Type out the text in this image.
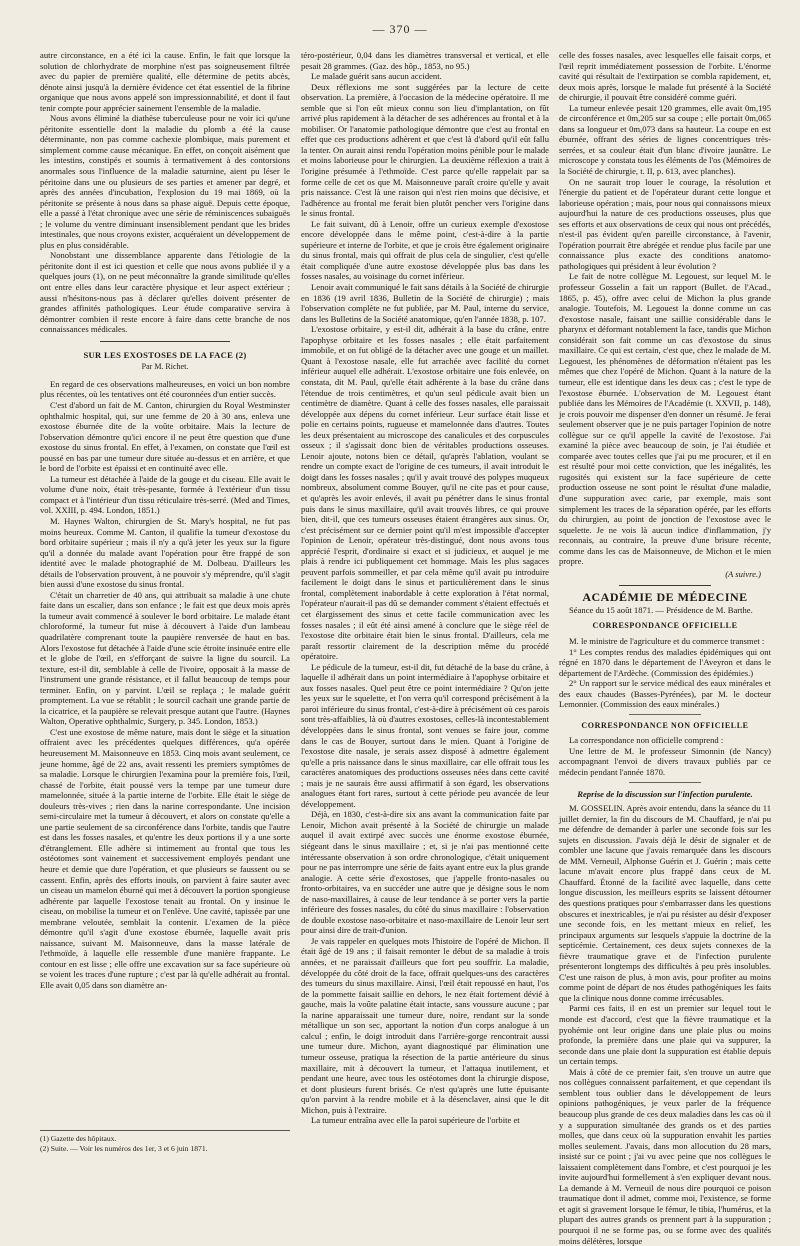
— 370 —

autre circonstance, en a été ici la cause. Enfin, le fait que lorsque la solution de chlorhydrate de morphine n'est pas soigneusement filtrée avec du papier de première qualité, elle détermine de petits abcès, dénote ainsi jusqu'à la dernière évidence cet état essentiel de la fibrine organique que nous avons appelé son impressionnabilité, et dont il faut tenir compte pour apprécier sainement l'ensemble de la maladie.

Nous avons éliminé la diathèse tuberculeuse pour ne voir ici qu'une péritonite essentielle dont la maladie du plomb a été la cause déterminante, non pas comme cachexie plombique, mais purement et simplement comme cause mécanique. En effet, on conçoit aisément que les intestins, constipés et soumis à termativement à des contorsions anormales sous l'influence de la maladie saturnine, aient pu léser le péritoine dans une ou plusieurs de ses parties et amener par degré, et après des années d'incubation, l'explosion du 19 mai 1869, où la péritonite se présente à nous dans sa phase aiguë. Depuis cette époque, elle a passé à l'état chronique avec une série de réminiscences subaiguës ; le volume du ventre diminuant insensiblement pendant que les brides intestinales, que nous croyons exister, acquéraient un développement de plus en plus considérable.

Nonobstant une dissemblance apparente dans l'étiologie de la péritonite dont il est ici question et celle que nous avons publiée il y a quelques jours (1), on ne peut méconnaître la grande similitude qu'elles ont entre elles dans leur caractère physique et leur aspect extérieur ; aussi n'hésitons-nous pas à déclarer qu'elles doivent présenter de grandes affinités pathologiques. Leur étude comparative servira à démontrer combien il reste encore à faire dans cette branche de nos connaissances médicales.

SUR LES EXOSTOSES DE LA FACE (2)
Par M. Richet.

En regard de ces observations malheureuses, en voici un bon nombre plus récentes, où les tentatives ont été couronnées d'un entier succès.

C'est d'abord un fait de M. Canton, chirurgien du Royal Westminster ophthalmic hospital, qui, sur une femme de 20 à 30 ans, enleva une exostose éburnée dite de la voûte orbitaire. Mais la lecture de l'observation démontre qu'ici encore il ne peut être question que d'une exostose du sinus frontal. En effet, à l'examen, on constate que l'œil est poussé en bas par une tumeur dure située au-dessus et en arrière, et que le bord de l'orbite est épaissi et en continuité avec elle.

La tumeur est détachée à l'aide de la gouge et du ciseau. Elle avait le volume d'une noix, était très-pesante, formée à l'extérieur d'un tissu compact et à l'intérieur d'un tissu réticulaire très-serré. (Med and Times, vol. XXIII, p. 494. London, 1851.)

M. Haynes Walton, chirurgien de St. Mary's hospital, ne fut pas moins heureux. Comme M. Canton, il qualifie la tumeur d'exostose du bord orbitaire supérieur ; mais il n'y a qu'à jeter les yeux sur la figure qu'il a donnée du malade avant l'opération pour être frappé de son identité avec le malade photographié de M. Dolbeau. D'ailleurs les détails de l'observation prouvent, à ne pouvoir s'y méprendre, qu'il s'agit bien aussi d'une exostose du sinus frontal.

C'était un charretier de 40 ans, qui attribuait sa maladie à une chute faite dans un escalier, dans son enfance ; le fait est que deux mois après la tumeur avait commencé à soulever le bord orbitaire. Le malade étant chloroformé, la tumeur fut mise à découvert à l'aide d'un lambeau quadrilatère comprenant toute la paupière renversée de haut en bas. Alors l'exostose fut détachée à l'aide d'une scie étroite insinuée entre elle et le globe de l'œil, en s'efforçant de suivre la ligne du sourcil. La texture, est-il dit, semblable à celle de l'ivoire, opposait à la masse de l'instrument une grande résistance, et il fallut beaucoup de temps pour terminer. Enfin, on y parvint. L'œil se replaça ; le malade guérit promptement. La vue se rétablit ; le sourcil cachait une grande partie de la cicatrice, et la paupière se relevait presque autant que l'autre. (Haynes Walton, Operative ophthalmic, Surgery, p. 345. London, 1853.)

C'est une exostose de même nature, mais dont le siège et la situation offraient avec les précédentes quelques différences, qu'a opérée heureusement M. Maisonneuve en 1853. Cinq mois avant seulement, ce jeune homme, âgé de 22 ans, avait ressenti les premiers symptômes de sa maladie. Lorsque le chirurgien l'examina pour la première fois, l'œil, chassé de l'orbite, était poussé vers la tempe par une tumeur dure mamelonnée, située à la partie interne de l'orbite. Elle était le siège de douleurs très-vives ; rien dans la narine correspondante. Une incision semi-circulaire met la tumeur à découvert, et alors on constate qu'elle a une partie seulement de sa circonférence dans l'orbite, tandis que l'autre est dans les fosses nasales, et qu'entre les deux portions il y a une sorte d'étranglement. Elle adhère si intimement au frontal que tous les ostéotomes sont vainement et successivement employés pendant une heure et demie que dure l'opération, et que plusieurs se faussent ou se cassent. Enfin, après des efforts inouïs, on parvient à faire sauter avec un ciseau un mamelon éburné qui met à découvert la portion spongieuse adhérente par laquelle l'exostose tenait au frontal. On y insinue le ciseau, on mobilise la tumeur et on l'enlève. Une cavité, tapissée par une membrane veloutée, semblait la contenir. L'examen de la pièce démontre qu'il s'agit d'une exostose éburnée, laquelle avait pris naissance, suivant M. Maisonneuve, dans la masse latérale de l'ethmoïde, à laquelle elle ressemble d'une manière frappante. Le contour en est lisse ; elle offre une excavation sur sa face supérieure où se voient les traces d'une rupture ; c'est par là qu'elle adhérait au frontal. Elle avait 0,05 dans son diamètre an-

téro-postérieur, 0,04 dans les diamètres transversal et vertical, et elle pesait 28 grammes. (Gaz. des hôp., 1853, no 95.)

Le malade guérit sans aucun accident.

Deux réflexions me sont suggérées par la lecture de cette observation. La première, à l'occasion de la médecine opératoire. Il me semble que si l'on eût mieux connu son lieu d'implantation, on fût arrivé plus rapidement à la détacher de ses adhérences au frontal et à la mobiliser. Or l'anatomie pathologique démontre que c'est au frontal en effet que ces productions adhèrent et que c'est là d'abord qu'il eût fallu la tenter. On aurait ainsi rendu l'opération moins pénible pour le malade et moins laborieuse pour le chirurgien. La deuxième réflexion a trait à l'origine présumée à l'ethmoïde. C'est parce qu'elle rappelait par sa forme celle de cet os que M. Maisonneuve paraît croire qu'elle y avait pris naissance. C'est là une raison qui n'est rien moins que décisive, et l'adhérence au frontal me ferait bien plutôt pencher vers l'origine dans le sinus frontal.

Le fait suivant, dû à Lenoir, offre un curieux exemple d'exostose encore développée dans le même point, c'est-à-dire à la partie supérieure et interne de l'orbite, et que je crois être également originaire du sinus frontal, mais qui offrait de plus cela de singulier, c'est qu'elle était compliquée d'une autre exostose développée plus bas dans les fosses nasales, au voisinage du cornet inférieur.

Lenoir avait communiqué le fait sans détails à la Société de chirurgie en 1836 (19 avril 1836, Bulletin de la Société de chirurgie) ; mais l'observation complète ne fut publiée, par M. Paul, interne du service, dans les Bulletins de la Société anatomique, qu'en l'année 1838, p. 107.

L'exostose orbitaire, y est-il dit, adhérait à la base du crâne, entre l'apophyse orbitaire et les fosses nasales ; elle était parfaitement immobile, et on fut obligé de la détacher avec une gouge et un maillet. Quant à l'exostose nasale, elle fut arrachée avec facilité du cornet inférieur auquel elle adhérait. L'exostose orbitaire une fois enlevée, on constata, dit M. Paul, qu'elle était adhérente à la base du crâne dans l'étendue de trois centimètres, et qu'un seul pédicule avait bien un centimètre de diamètre. Quant à celle des fosses nasales, elle paraissait développée aux dépens du cornet inférieur. Leur surface était lisse et polie en certains points, rugueuse et mamelonnée dans d'autres. Toutes les deux présentaient au microscope des canalicules et des corpuscules osseux ; il s'agissait donc bien de véritables productions osseuses. Lenoir ajoute, notons bien ce détail, qu'après l'ablation, voulant se rendre un compte exact de l'origine de ces tumeurs, il avait introduit le doigt dans les fosses nasales ; qu'il y avait trouvé des polypes muqueux nombreux, absolument comme Bouyer, qu'il ne cite pas et pour cause, et qu'après les avoir enlevés, il avait pu pénétrer dans le sinus frontal puis dans le sinus maxillaire, qu'il avait trouvés libres, ce qui prouve bien, dit-il, que ces tumeurs osseuses étaient étrangères aux sinus. Or, c'est précisément sur ce dernier point qu'il m'est impossible d'accepter l'opinion de Lenoir, opérateur très-distingué, dont nous avons tous apprécié l'esprit, d'ordinaire si exact et si judicieux, et auquel je me plais à rendre ici publiquement cet hommage. Mais les plus sagaces peuvent parfois sommeiller, et par cela même qu'il avait pu introduire facilement le doigt dans le sinus et particulièrement dans le sinus frontal, complètement inabordable à cette exploration à l'état normal, l'opérateur n'aurait-il pas dû se demander comment s'étaient effectués et cet élargissement des sinus et cette facile communication avec les fosses nasales ; il eût été ainsi amené à conclure que le siège réel de l'exostose dite orbitaire était bien le sinus frontal. D'ailleurs, cela me paraît ressortir clairement de la description même du procédé opératoire.

Le pédicule de la tumeur, est-il dit, fut détaché de la base du crâne, à laquelle il adhérait dans un point intermédiaire à l'apophyse orbitaire et aux fosses nasales. Quel peut être ce point intermédiaire ? Qu'on jette les yeux sur le squelette, et l'on verra qu'il correspond précisément à la paroi inférieure du sinus frontal, c'est-à-dire à précisément où ces parois sont très-affaiblies, là où d'autres exostoses, celles-là incontestablement développées dans le sinus frontal, sont venues se faire jour, comme dans le cas de Bouyer, surtout dans le mien. Quant à l'origine de l'exostose dite nasale, je serais assez disposé à admettre également qu'elle a pris naissance dans le sinus maxillaire, car elle offrait tous les caractères anatomiques des productions osseuses nées dans cette cavité ; mais je ne saurais être aussi affirmatif à son égard, les observations analogues étant fort rares, surtout à cette période peu avancée de leur développement.

Déjà, en 1830, c'est-à-dire six ans avant la communication faite par Lenoir, Michon avait présenté à la Société de chirurgie un malade auquel il avait extirpé avec succès une énorme exostose éburnée, siégeant dans le sinus maxillaire ; et, si je n'ai pas mentionné cette intéressante observation à son ordre chronologique, c'était uniquement pour ne pas interrompre une série de faits ayant entre eux la plus grande analogie. A cette série d'exostoses, que j'appelle fronto-nasales ou fronto-orbitaires, va en succéder une autre que je désigne sous le nom de naso-maxillaires, à cause de leur tendance à se porter vers la partie inférieure des fosses nasales, du côté du sinus maxillaire : l'observation de double exostose naso-orbitaire et naso-maxillaire de Lenoir leur sert pour ainsi dire de trait-d'union.

Je vais rappeler en quelques mots l'histoire de l'opéré de Michon. Il était âgé de 19 ans ; il faisait remonter le début de sa maladie à trois années, et ne paraissait d'ailleurs que fort peu souffrir. La maladie, développée du côté droit de la face, offrait quelques-uns des caractères des tumeurs du sinus maxillaire. Ainsi, l'œil était repoussé en haut, l'os de la pommette faisait saillie en dehors, le nez était fortement dévié à gauche, mais la voûte palatine était intacte, sans voussure aucune ; par la narine apparaissait une tumeur dure, noire, rendant sur la sonde métallique un son sec, apportant la notion d'un corps analogue à un calcul ; enfin, le doigt introduit dans l'arrière-gorge rencontrait aussi une tumeur dure. Michon, ayant diagnostiqué par élimination une tumeur osseuse, pratiqua la résection de la partie antérieure du sinus maxillaire, mit à découvert la tumeur, et l'attaqua inutilement, et pendant une heure, avec tous les ostéotomes dont la chirurgie dispose, et dont plusieurs furent brisés. Ce n'est qu'après une lutte épuisante qu'on parvint à la rendre mobile et à la désenclaver, ainsi que le dit Michon, puis à l'extraire.

La tumeur entraîna avec elle la paroi supérieure de l'orbite et

celle des fosses nasales, avec lesquelles elle faisait corps, et l'œil reprit immédiatement possession de l'orbite. L'énorme cavité qui résultait de l'extirpation se combla rapidement, et, deux mois après, lorsque le malade fut présenté à la Société de chirurgie, il pouvait être considéré comme guéri.

La tumeur enlevée pesait 120 grammes, elle avait 0m,195 de circonférence et 0m,205 sur sa coupe ; elle portait 0m,065 dans sa longueur et 0m,073 dans sa hauteur. La coupe en est éburnée, offrant des séries de lignes concentriques très-serrées, et sa couleur était d'un blanc d'ivoire jaunâtre. Le microscope y constata tous les éléments de l'os (Mémoires de la Société de chirurgie, t. II, p. 613, avec planches).

On ne saurait trop louer le courage, la résolution et l'énergie du patient et de l'opérateur durant cette longue et laborieuse opération ; mais, pour nous qui connaissons mieux aujourd'hui la nature de ces productions osseuses, plus que ses efforts et aux observations de ceux qui nous ont précédés, n'est-il pas évident qu'en pareille circonstance, à l'avenir, l'opération pourrait être abrégée et rendue plus facile par une connaissance plus exacte des conditions anatomo-pathologiques qui président à leur évolution ?

Le fait de notre collègue M. Legouest, sur lequel M. le professeur Gosselin a fait un rapport (Bullet. de l'Acad., 1865, p. 45), offre avec celui de Michon la plus grande analogie. Toutefois, M. Legouest la donne comme un cas d'exostose nasale, faisant une saillie considérable dans le pharynx et déformant notablement la face, tandis que Michon considérait son fait comme un cas d'exostose du sinus maxillaire. Ce qui est certain, c'est que, chez le malade de M. Legouest, les phénomènes de déformation n'étaient pas les mêmes que chez l'opéré de Michon. Quant à la nature de la tumeur, elle est identique dans les deux cas ; c'est le type de l'exostose éburnée. L'observation de M. Legouest étant publiée dans les Mémoires de l'Académie (t. XXVII, p. 148), je crois pouvoir me dispenser d'en donner un résumé. Je ferai seulement observer que je ne puis partager l'opinion de notre collègue sur ce qu'il appelle la cavité de l'exostose. J'ai examiné la pièce avec beaucoup de soin, je l'ai étudiée et comparée avec toutes celles que j'ai pu me procurer, et il en est résulté pour moi cette conviction, que les inégalités, les rugosités qui existent sur la face supérieure de cette production osseuse ne sont point le résultat d'une maladie, d'une suppuration avec carie, par exemple, mais sont simplement les traces de la séparation opérée, par les efforts du chirurgien, au point de jonction de l'exostose avec le squelette. Je ne vois là aucun indice d'inflammation, j'y reconnais, au contraire, la preuve d'une brisure récente, comme dans les cas de Maisonneuve, de Michon et le mien propre.

(A suivre.)
ACADÉMIE DE MÉDECINE

Séance du 15 août 1871. — Présidence de M. Barthe.

CORRESPONDANCE OFFICIELLE

M. le ministre de l'agriculture et du commerce transmet :

1° Les comptes rendus des maladies épidémiques qui ont régné en 1870 dans le département de l'Aveyron et dans le département de l'Ardèche. (Commission des épidémies.)

2° Un rapport sur le service médical des eaux minérales et des eaux chaudes (Basses-Pyrénées), par M. le docteur Lemonnier. (Commission des eaux minérales.)

CORRESPONDANCE NON OFFICIELLE

La correspondance non officielle comprend :

Une lettre de M. le professeur Simonnin (de Nancy) accompagnant l'envoi de divers travaux publiés par ce médecin pendant l'année 1870.

Reprise de la discussion sur l'infection purulente.

M. GOSSELIN. Après avoir entendu, dans la séance du 11 juillet dernier, la fin du discours de M. Chauffard, je n'ai pu me défendre de demander à parler une seconde fois sur les sujets en discussion. J'avais déjà le désir de signaler et de combler une lacune que j'avais remarquée dans les discours de MM. Verneuil, Alphonse Guérin et J. Guérin ; mais cette lacune m'avait encore plus frappé dans ceux de M. Chauffard. Étonné de la facilité avec laquelle, dans cette longue discussion, les meilleurs esprits se laissent détourner des questions pratiques pour s'embarrasser dans les questions obscures et inextricables, je n'ai pu résister au désir d'exposer une seconde fois, en les mettant mieux en relief, les principaux arguments sur lesquels s'appuie la doctrine de la septicémie. Certainement, ces deux sujets connexes de la fièvre traumatique grave et de l'infection purulente présenteront longtemps des difficultés à peu près insolubles. C'est une raison de plus, à mon avis, pour profiter au moins comme point de départ de nos études pathogéniques les faits que la clinique nous donne comme irrécusables.

Parmi ces faits, il en est un premier sur lequel tout le monde est d'accord, c'est que la fièvre traumatique et la pyohémie ont leur origine dans une plaie plus ou moins profonde, la première dans une plaie qui va suppurer, la seconde dans une plaie dont la suppuration est établie depuis un certain temps.

Mais à côté de ce premier fait, s'en trouve un autre que nos collègues connaissent parfaitement, et que cependant ils semblent tous oublier dans le développement de leurs opinions pathogéniques, je veux parler de la fréquence beaucoup plus grande de ces deux maladies dans les cas où il y a suppuration simultanée des grands os et des parties molles, que dans ceux où la suppuration envahit les parties molles seulement. J'avais, dans mon allocution du 28 mars, insisté sur ce point ; j'ai vu avec peine que nos collègues le laissaient complètement dans l'ombre, et c'est pourquoi je les invite aujourd'hui formellement à s'en expliquer devant nous. La demande à M. Verneuil de nous dire pourquoi ce poison traumatique dont il admet, comme moi, l'existence, se forme et agit si gravement lorsque le fémur, le tibia, l'humérus, et la plupart des autres grands os prennent part à la suppuration ; pourquoi il ne se forme pas, ou se forme avec des qualités moins délétères, lorsque

(1) Gazette des hôpitaux.
(2) Suite. — Voir les numéros des 1er, 3 et 6 juin 1871.
